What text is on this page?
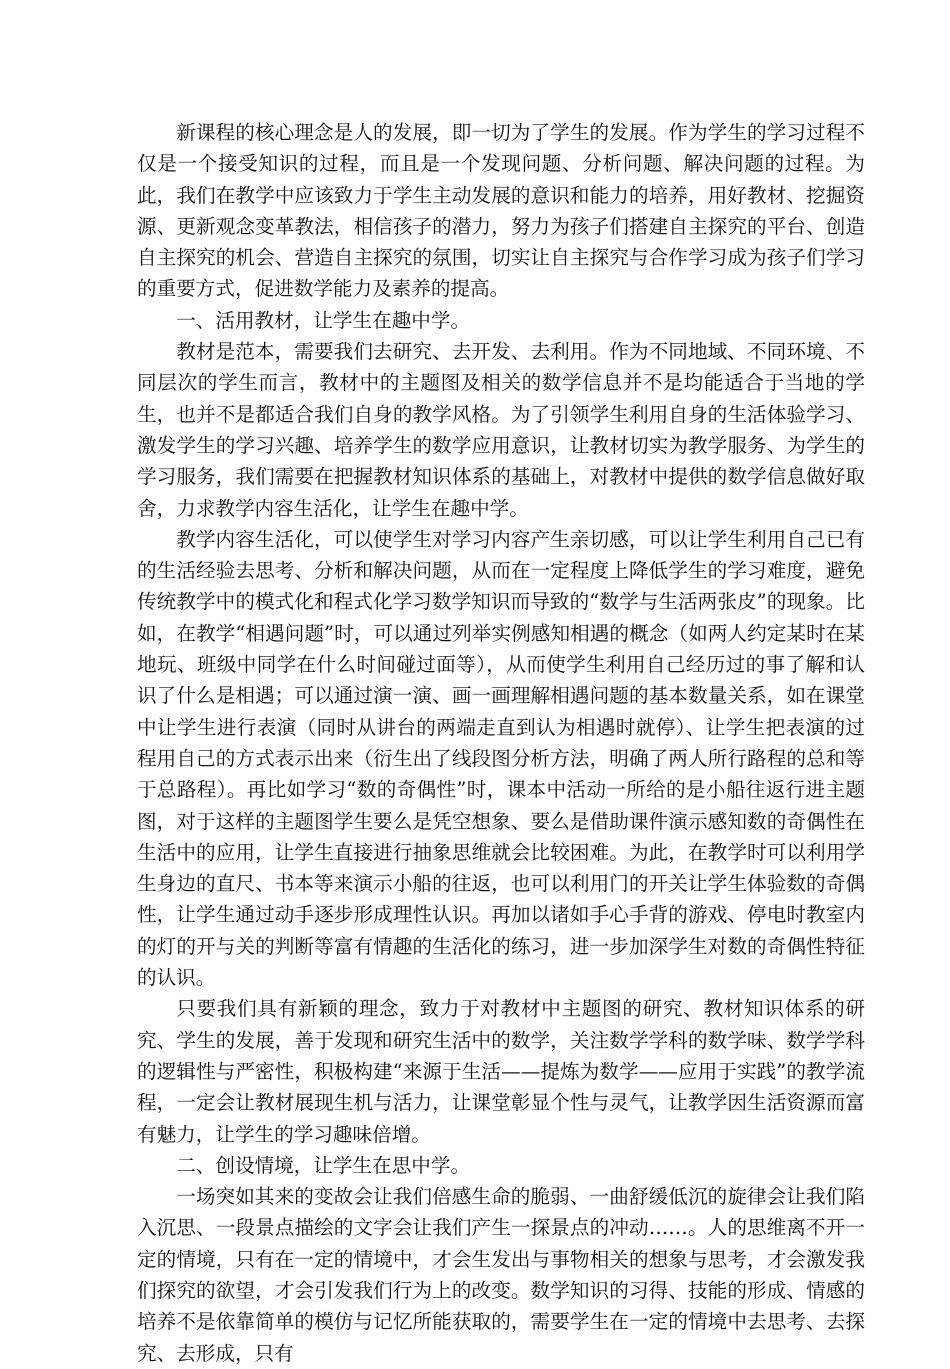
新课程的核心理念是人的发展，即一切为了学生的发展。作为学生的学习过程不仅是一个接受知识的过程，而且是一个发现问题、分析问题、解决问题的过程。为此，我们在教学中应该致力于学生主动发展的意识和能力的培养，用好教材、挖掘资源、更新观念变革教法，相信孩子的潜力，努力为孩子们搭建自主探究的平台、创造自主探究的机会、营造自主探究的氛围，切实让自主探究与合作学习成为孩子们学习的重要方式，促进数学能力及素养的提高。

一、活用教材，让学生在趣中学。

教材是范本，需要我们去研究、去开发、去利用。作为不同地域、不同环境、不同层次的学生而言，教材中的主题图及相关的数学信息并不是均能适合于当地的学生，也并不是都适合我们自身的教学风格。为了引领学生利用自身的生活体验学习、激发学生的学习兴趣、培养学生的数学应用意识，让教材切实为教学服务、为学生的学习服务，我们需要在把握教材知识体系的基础上，对教材中提供的数学信息做好取舍，力求教学内容生活化，让学生在趣中学。

教学内容生活化，可以使学生对学习内容产生亲切感，可以让学生利用自己已有的生活经验去思考、分析和解决问题，从而在一定程度上降低学生的学习难度，避免传统教学中的模式化和程式化学习数学知识而导致的“数学与生活两张皮”的现象。比如，在教学“相遇问题”时，可以通过列举实例感知相遇的概念（如两人约定某时在某地玩、班级中同学在什么时间碰过面等），从而使学生利用自己经历过的事了解和认识了什么是相遇；可以通过演一演、画一画理解相遇问题的基本数量关系，如在课堂中让学生进行表演（同时从讲台的两端走直到认为相遇时就停）、让学生把表演的过程用自己的方式表示出来（衍生出了线段图分析方法，明确了两人所行路程的总和等于总路程）。再比如学习“数的奇偶性”时，课本中活动一所给的是小船往返行进主题图，对于这样的主题图学生要么是凭空想象、要么是借助课件演示感知数的奇偶性在生活中的应用，让学生直接进行抽象思维就会比较困难。为此，在教学时可以利用学生身边的直尺、书本等来演示小船的往返，也可以利用门的开关让学生体验数的奇偶性，让学生通过动手逐步形成理性认识。再加以诸如手心手背的游戏、停电时教室内的灯的开与关的判断等富有情趣的生活化的练习，进一步加深学生对数的奇偶性特征的认识。

只要我们具有新颖的理念，致力于对教材中主题图的研究、教材知识体系的研究、学生的发展，善于发现和研究生活中的数学，关注数学学科的数学味、数学学科的逻辑性与严密性，积极构建“来源于生活——提炼为数学——应用于实践”的教学流程，一定会让教材展现生机与活力，让课堂彰显个性与灵气，让教学因生活资源而富有魅力，让学生的学习趣味倍增。

二、创设情境，让学生在思中学。

一场突如其来的变故会让我们倍感生命的脆弱、一曲舒缓低沉的旋律会让我们陷入沉思、一段景点描绘的文字会让我们产生一探景点的冲动……。人的思维离不开一定的情境，只有在一定的情境中，才会生发出与事物相关的想象与思考，才会激发我们探究的欲望，才会引发我们行为上的改变。数学知识的习得、技能的形成、情感的培养不是依靠简单的模仿与记忆所能获取的，需要学生在一定的情境中去思考、去探究、去形成，只有
